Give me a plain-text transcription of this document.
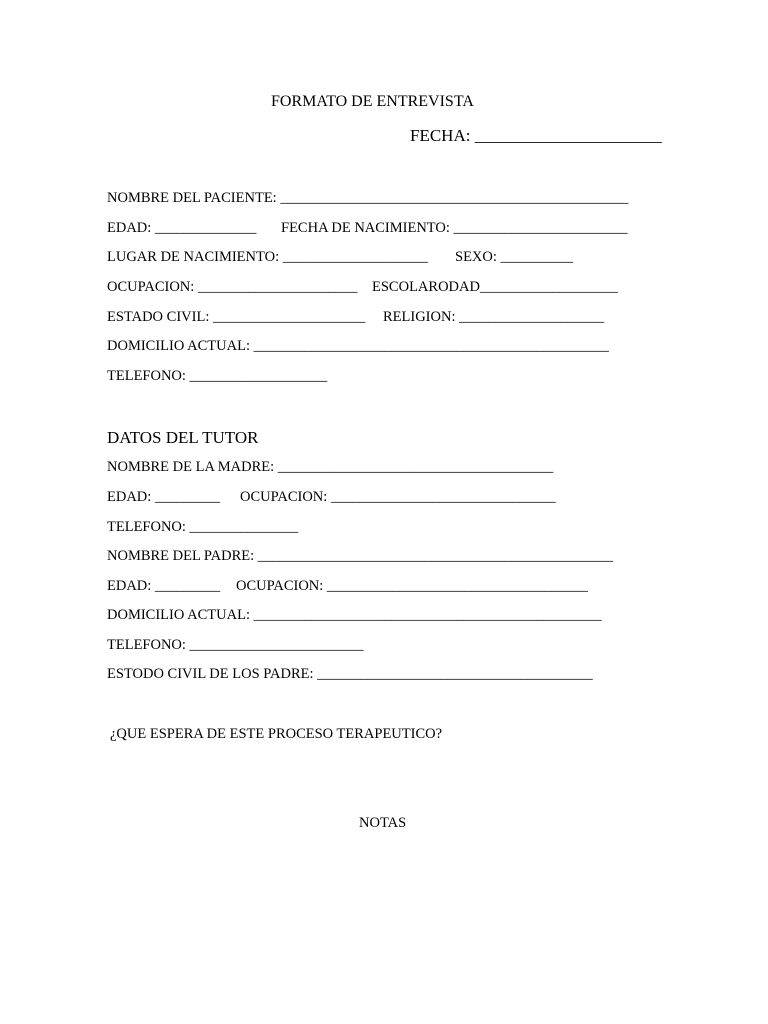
FORMATO DE ENTREVISTA
FECHA: ______________________
NOMBRE DEL PACIENTE: ________________________________________________
EDAD: ______________ FECHA DE NACIMIENTO: ________________________
LUGAR DE NACIMIENTO: ____________________ SEXO: __________
OCUPACION: ______________________ ESCOLARODAD___________________
ESTADO CIVIL: _____________________ RELIGION: ____________________
DOMICILIO ACTUAL: _________________________________________________
TELEFONO: ___________________
DATOS DEL TUTOR
NOMBRE DE LA MADRE: ______________________________________
EDAD: _________ OCUPACION: _______________________________
TELEFONO: _______________
NOMBRE DEL PADRE: _________________________________________________
EDAD: _________ OCUPACION: ____________________________________
DOMICILIO ACTUAL: ________________________________________________
TELEFONO: ________________________
ESTODO CIVIL DE LOS PADRE: ______________________________________
¿QUE ESPERA DE ESTE PROCESO TERAPEUTICO?
NOTAS
